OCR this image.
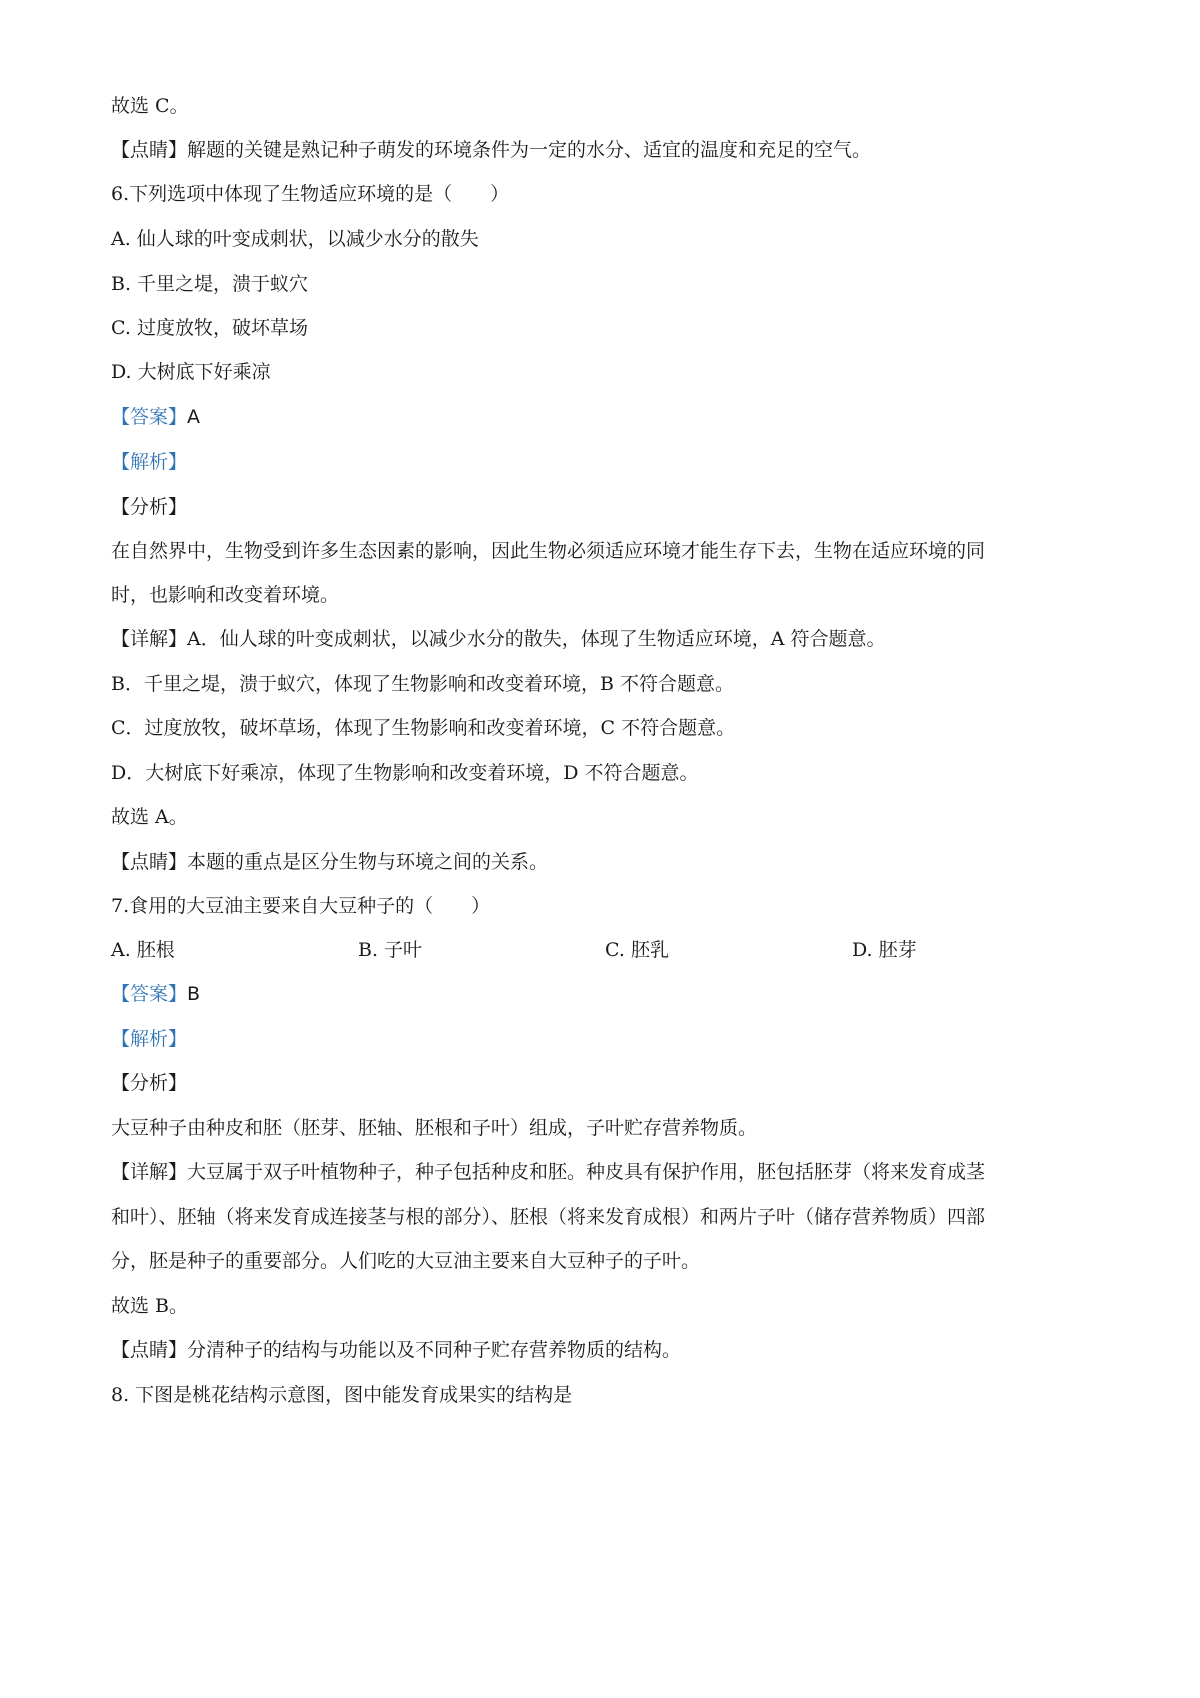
故选 C。
【点睛】解题的关键是熟记种子萌发的环境条件为一定的水分、适宜的温度和充足的空气。
6.下列选项中体现了生物适应环境的是（　　）
A. 仙人球的叶变成刺状，以减少水分的散失
B. 千里之堤，溃于蚁穴
C. 过度放牧，破坏草场
D. 大树底下好乘凉
【答案】A
【解析】
【分析】
在自然界中，生物受到许多生态因素的影响，因此生物必须适应环境才能生存下去，生物在适应环境的同
时，也影响和改变着环境。
【详解】A．仙人球的叶变成刺状，以减少水分的散失，体现了生物适应环境，A 符合题意。
B．千里之堤，溃于蚁穴，体现了生物影响和改变着环境，B 不符合题意。
C．过度放牧，破坏草场，体现了生物影响和改变着环境，C 不符合题意。
D．大树底下好乘凉，体现了生物影响和改变着环境，D 不符合题意。
故选 A。
【点睛】本题的重点是区分生物与环境之间的关系。
7.食用的大豆油主要来自大豆种子的（　　）
A. 胚根	B. 子叶	C. 胚乳	D. 胚芽
【答案】B
【解析】
【分析】
大豆种子由种皮和胚（胚芽、胚轴、胚根和子叶）组成，子叶贮存营养物质。
【详解】大豆属于双子叶植物种子，种子包括种皮和胚。种皮具有保护作用，胚包括胚芽（将来发育成茎
和叶）、胚轴（将来发育成连接茎与根的部分）、胚根（将来发育成根）和两片子叶（储存营养物质）四部
分，胚是种子的重要部分。人们吃的大豆油主要来自大豆种子的子叶。
故选 B。
【点睛】分清种子的结构与功能以及不同种子贮存营养物质的结构。
8. 下图是桃花结构示意图，图中能发育成果实的结构是
